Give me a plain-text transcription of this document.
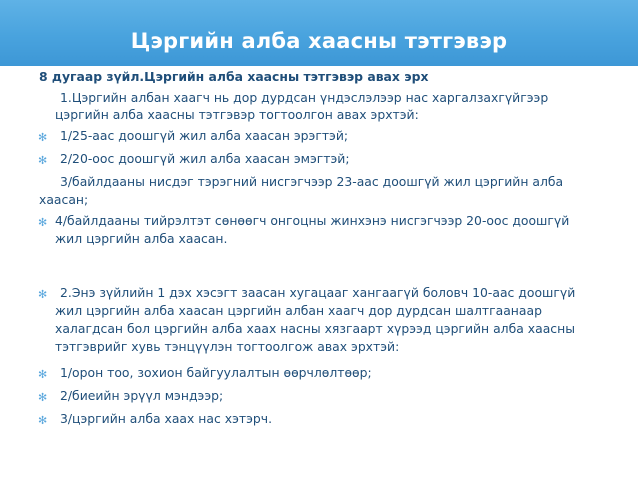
Цэргийн алба хаасны тэтгэвэр
8 дугаар зүйл.Цэргийн алба хаасны тэтгэвэр авах эрх
1.Цэргийн албан хаагч нь дор дурдсан үндэслэлээр нас харгалзахгүйгээр
цэргийн алба хаасны тэтгэвэр тогтоолгон авах эрхтэй:
✻ 1/25-аас доошгүй жил алба хаасан эрэгтэй;
✻ 2/20-оос доошгүй жил алба хаасан эмэгтэй;
3/байлдааны нисдэг тэрэгний нисгэгчээр 23-аас доошгүй жил цэргийн алба
хаасан;
✻ 4/байлдааны тийрэлтэт сөнөөгч онгоцны жинхэнэ нисгэгчээр 20-оос доошгүй
жил цэргийн алба хаасан.
✻ 2.Энэ зүйлийн 1 дэх хэсэгт заасан хугацааг хангаагүй боловч 10-аас доошгүй
жил цэргийн алба хаасан цэргийн албан хаагч дор дурдсан шалтгаанаар
халагдсан бол цэргийн алба хаах насны хязгаарт хүрээд цэргийн алба хаасны
тэтгэврийг хувь тэнцүүлэн тогтоолгож авах эрхтэй:
✻ 1/орон тоо, зохион байгуулалтын өөрчлөлтөөр;
✻ 2/биеийн эрүүл мэндээр;
✻ 3/цэргийн алба хаах нас хэтэрч.
